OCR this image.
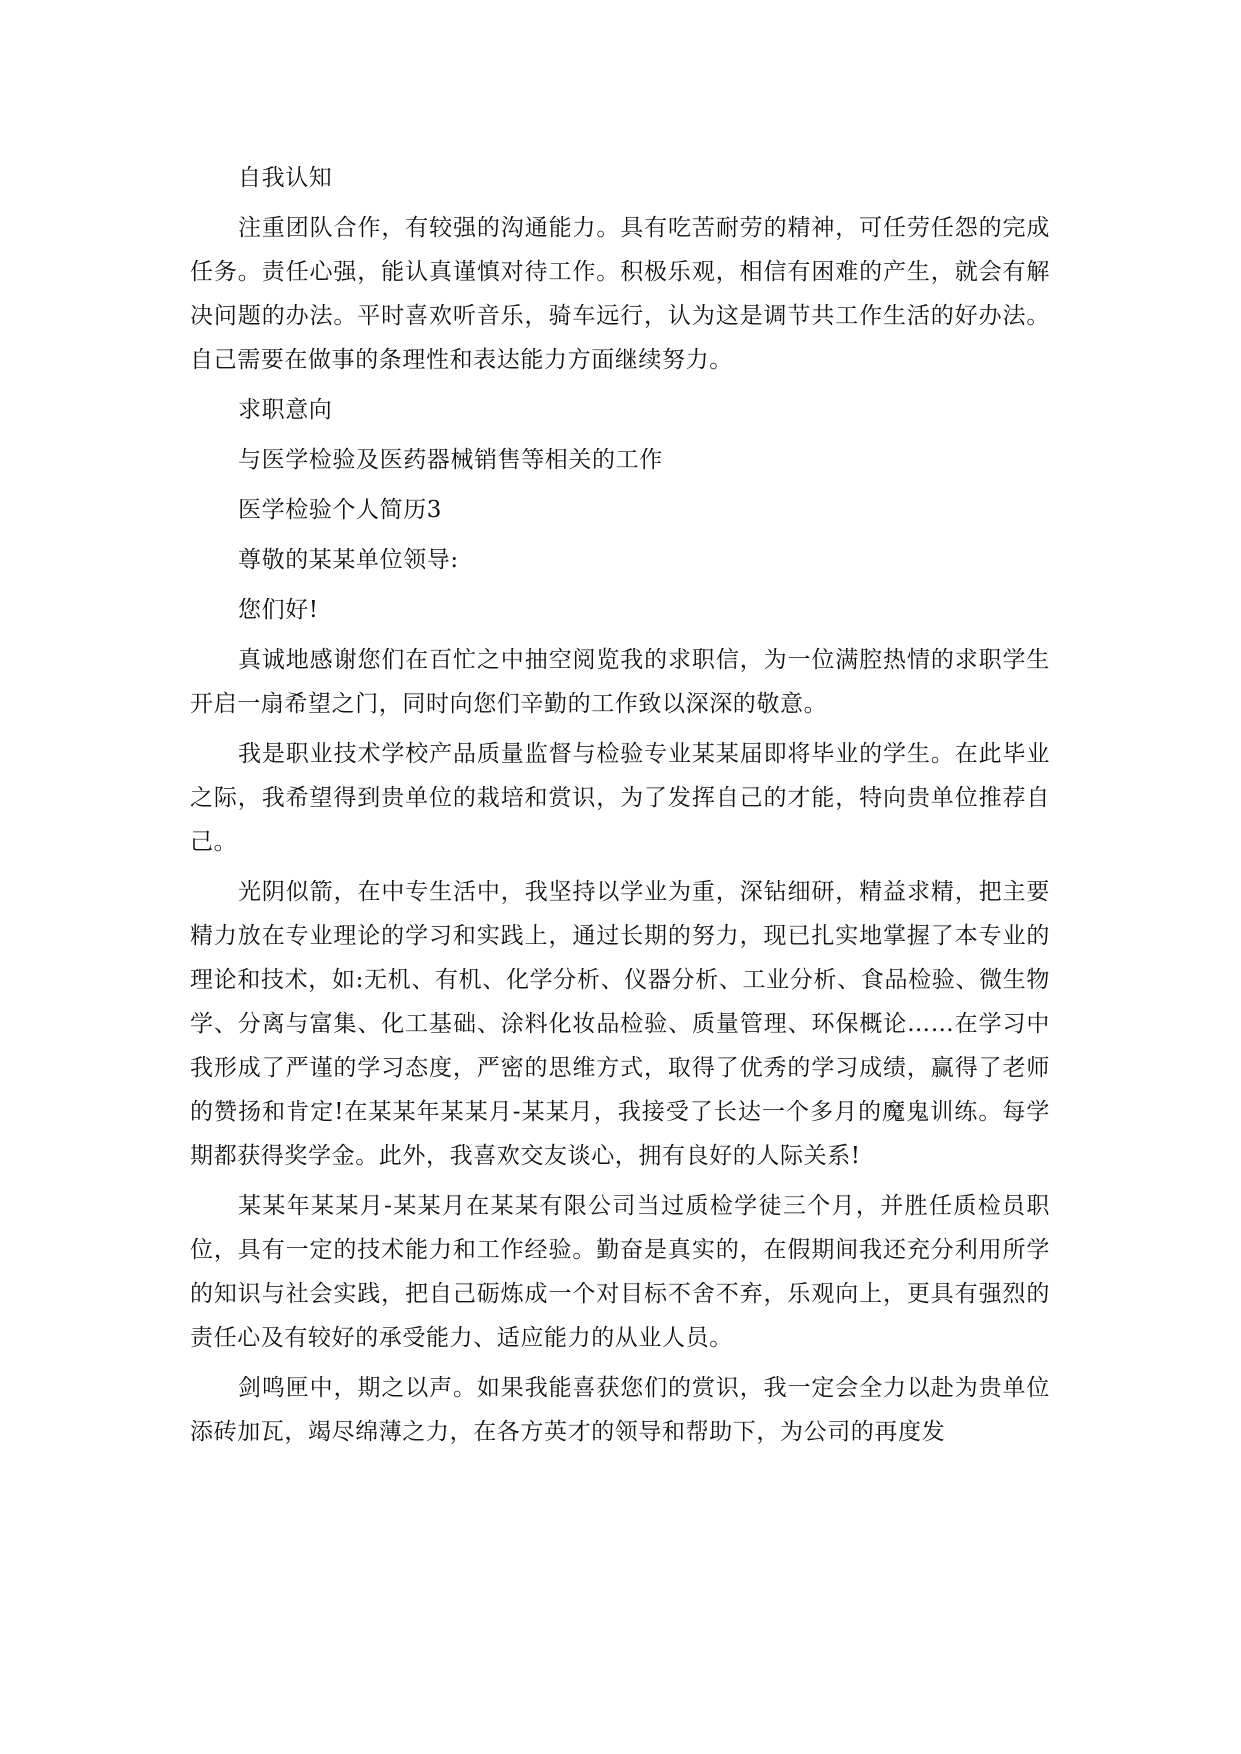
自我认知

注重团队合作，有较强的沟通能力。具有吃苦耐劳的精神，可任劳任怨的完成任务。责任心强，能认真谨慎对待工作。积极乐观，相信有困难的产生，就会有解决问题的办法。平时喜欢听音乐，骑车远行，认为这是调节共工作生活的好办法。自己需要在做事的条理性和表达能力方面继续努力。

求职意向

与医学检验及医药器械销售等相关的工作

医学检验个人简历3

尊敬的某某单位领导:

您们好!

真诚地感谢您们在百忙之中抽空阅览我的求职信，为一位满腔热情的求职学生开启一扇希望之门，同时向您们辛勤的工作致以深深的敬意。

我是职业技术学校产品质量监督与检验专业某某届即将毕业的学生。在此毕业之际，我希望得到贵单位的栽培和赏识，为了发挥自己的才能，特向贵单位推荐自己。

光阴似箭，在中专生活中，我坚持以学业为重，深钻细研，精益求精，把主要精力放在专业理论的学习和实践上，通过长期的努力，现已扎实地掌握了本专业的理论和技术，如:无机、有机、化学分析、仪器分析、工业分析、食品检验、微生物学、分离与富集、化工基础、涂料化妆品检验、质量管理、环保概论……在学习中我形成了严谨的学习态度，严密的思维方式，取得了优秀的学习成绩，赢得了老师的赞扬和肯定!在某某年某某月-某某月，我接受了长达一个多月的魔鬼训练。每学期都获得奖学金。此外，我喜欢交友谈心，拥有良好的人际关系!

某某年某某月-某某月在某某有限公司当过质检学徒三个月，并胜任质检员职位，具有一定的技术能力和工作经验。勤奋是真实的，在假期间我还充分利用所学的知识与社会实践，把自己砺炼成一个对目标不舍不弃，乐观向上，更具有强烈的责任心及有较好的承受能力、适应能力的从业人员。

剑鸣匣中，期之以声。如果我能喜获您们的赏识，我一定会全力以赴为贵单位添砖加瓦，竭尽绵薄之力，在各方英才的领导和帮助下，为公司的再度发
